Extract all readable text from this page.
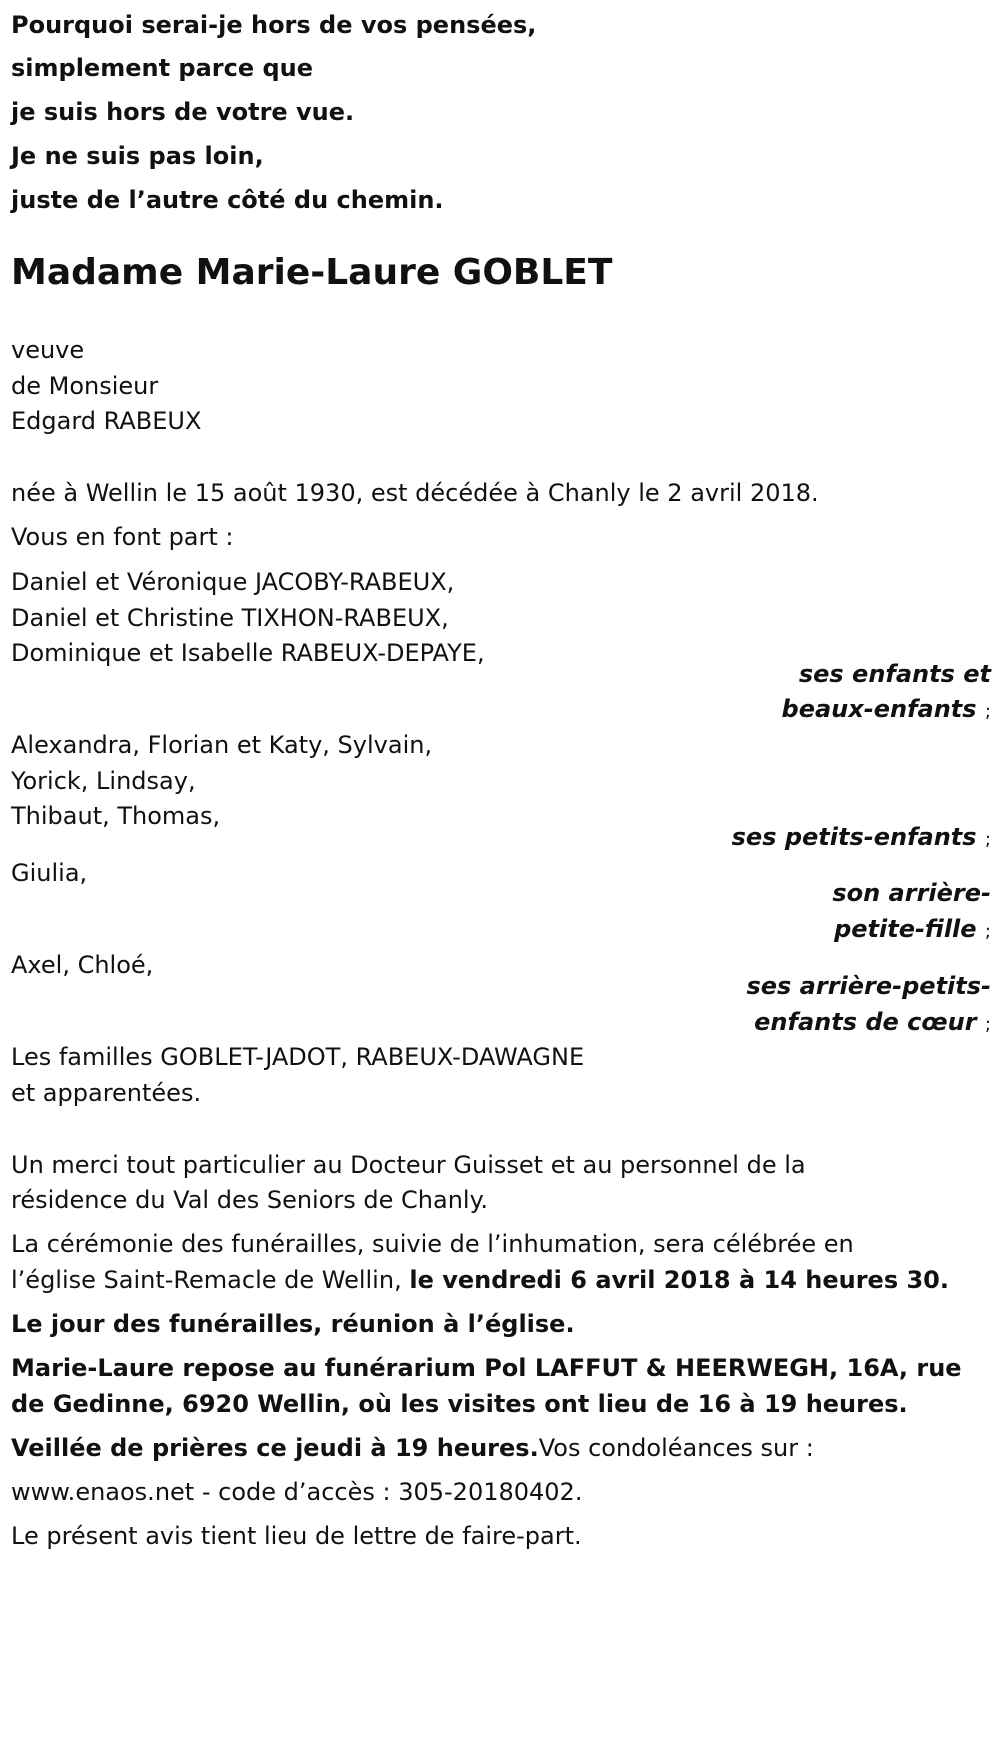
Pourquoi serai-je hors de vos pensées,
simplement parce que
je suis hors de votre vue.
Je ne suis pas loin,
juste de l’autre côté du chemin.
Madame Marie-Laure GOBLET
veuve
de Monsieur
Edgard RABEUX
née à Wellin le 15 août 1930, est décédée à Chanly le 2 avril 2018.
Vous en font part :
Daniel et Véronique JACOBY-RABEUX,
Daniel et Christine TIXHON-RABEUX,
Dominique et Isabelle RABEUX-DEPAYE,
ses enfants et
beaux-enfants ;
Alexandra, Florian et Katy, Sylvain,
Yorick, Lindsay,
Thibaut, Thomas,
ses petits-enfants ;
Giulia,
son arrière-
petite-fille ;
Axel, Chloé,
ses arrière-petits-
enfants de cœur ;
Les familles GOBLET-JADOT, RABEUX-DAWAGNE
et apparentées.
Un merci tout particulier au Docteur Guisset et au personnel de la
résidence du Val des Seniors de Chanly.
La cérémonie des funérailles, suivie de l’inhumation, sera célébrée en
l’église Saint-Remacle de Wellin, le vendredi 6 avril 2018 à 14 heures 30.
Le jour des funérailles, réunion à l’église.
Marie-Laure repose au funérarium Pol LAFFUT & HEERWEGH, 16A, rue
de Gedinne, 6920 Wellin, où les visites ont lieu de 16 à 19 heures.
Veillée de prières ce jeudi à 19 heures.Vos condoléances sur :
www.enaos.net - code d’accès : 305-20180402.
Le présent avis tient lieu de lettre de faire-part.
